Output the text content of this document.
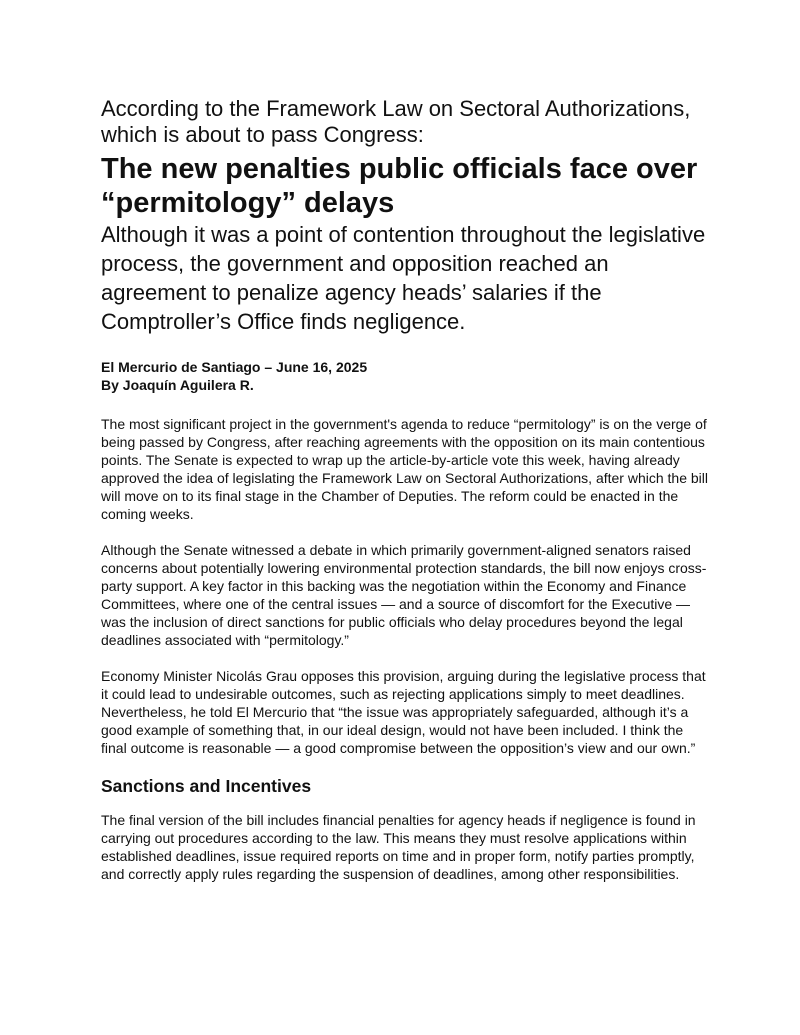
According to the Framework Law on Sectoral Authorizations, which is about to pass Congress:
The new penalties public officials face over “permitology” delays
Although it was a point of contention throughout the legislative process, the government and opposition reached an agreement to penalize agency heads’ salaries if the Comptroller’s Office finds negligence.
El Mercurio de Santiago – June 16, 2025
By Joaquín Aguilera R.

The most significant project in the government's agenda to reduce “permitology” is on the verge of being passed by Congress, after reaching agreements with the opposition on its main contentious points. The Senate is expected to wrap up the article-by-article vote this week, having already approved the idea of legislating the Framework Law on Sectoral Authorizations, after which the bill will move on to its final stage in the Chamber of Deputies. The reform could be enacted in the coming weeks.

Although the Senate witnessed a debate in which primarily government-aligned senators raised concerns about potentially lowering environmental protection standards, the bill now enjoys cross-party support. A key factor in this backing was the negotiation within the Economy and Finance Committees, where one of the central issues — and a source of discomfort for the Executive — was the inclusion of direct sanctions for public officials who delay procedures beyond the legal deadlines associated with “permitology.”

Economy Minister Nicolás Grau opposes this provision, arguing during the legislative process that it could lead to undesirable outcomes, such as rejecting applications simply to meet deadlines. Nevertheless, he told El Mercurio that “the issue was appropriately safeguarded, although it’s a good example of something that, in our ideal design, would not have been included. I think the final outcome is reasonable — a good compromise between the opposition’s view and our own.”

Sanctions and Incentives

The final version of the bill includes financial penalties for agency heads if negligence is found in carrying out procedures according to the law. This means they must resolve applications within established deadlines, issue required reports on time and in proper form, notify parties promptly, and correctly apply rules regarding the suspension of deadlines, among other responsibilities.
